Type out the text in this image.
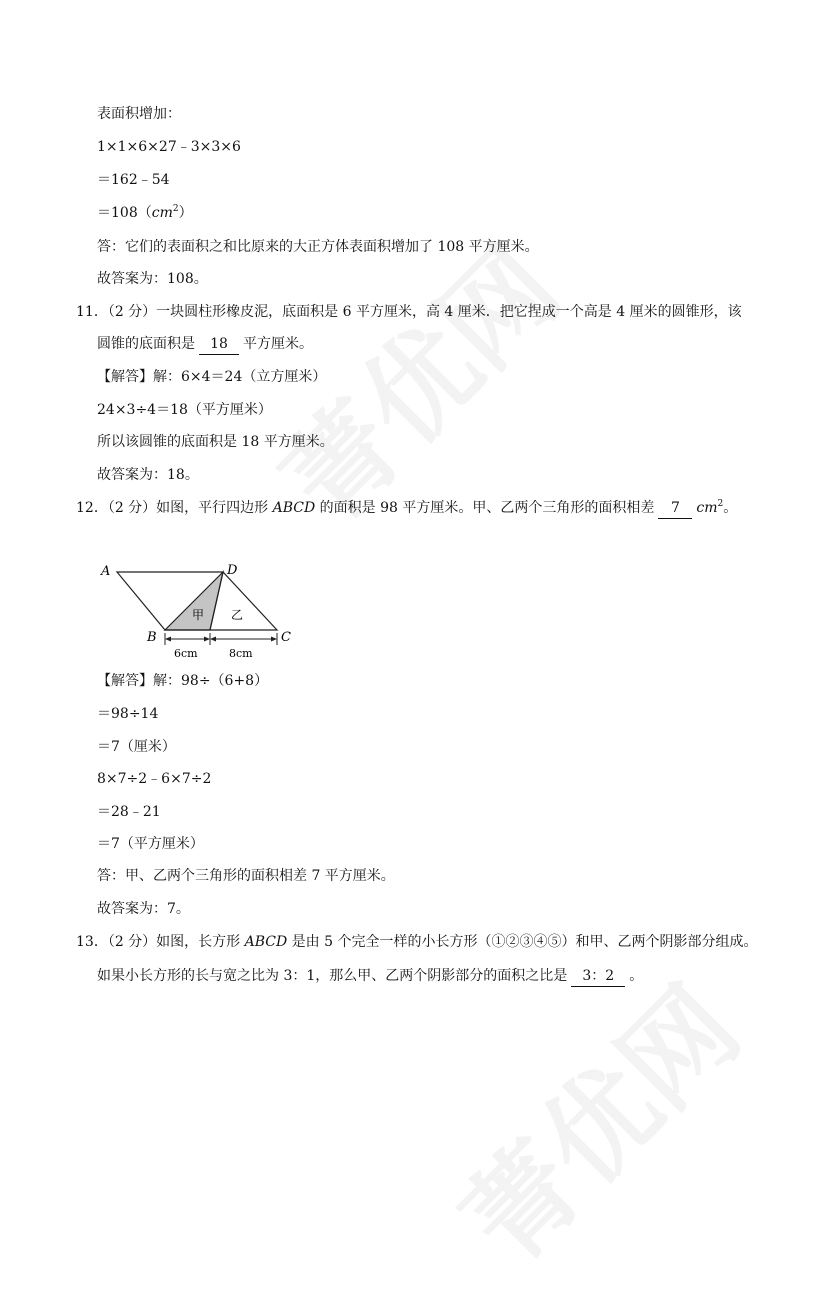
表面积增加：
1×1×6×27﹣3×3×6
＝162﹣54
$=108(cm^2)$
答：它们的表面积之和比原来的大正方体表面积增加了 108 平方厘米。
故答案为：108。
11．（2 分）一块圆柱形橡皮泥，底面积是 6 平方厘米，高 4 厘米．把它捏成一个高是 4 厘米的圆锥形，该
圆锥的底面积是 18 平方厘米。
【解答】解：6×4＝24（立方厘米）
24×3÷4＝18（平方厘米）
所以该圆锥的底面积是 18 平方厘米。
故答案为：18。
12．（2 分）如图，平行四边形 ABCD 的面积是 98 平方厘米。甲、乙两个三角形的面积相差 7 $cm^2$。
A	D
B	C
甲 乙
6cm	8cm
【解答】解：98÷（6+8）
＝98÷14
＝7（厘米）
8×7÷2﹣6×7÷2
＝28﹣21
＝7（平方厘米）
答：甲、乙两个三角形的面积相差 7 平方厘米。
故答案为：7。
13．（2 分）如图，长方形 ABCD 是由 5 个完全一样的小长方形（①②③④⑤）和甲、乙两个阴影部分组成。
如果小长方形的长与宽之比为 3：1，那么甲、乙两个阴影部分的面积之比是 3：2 。
